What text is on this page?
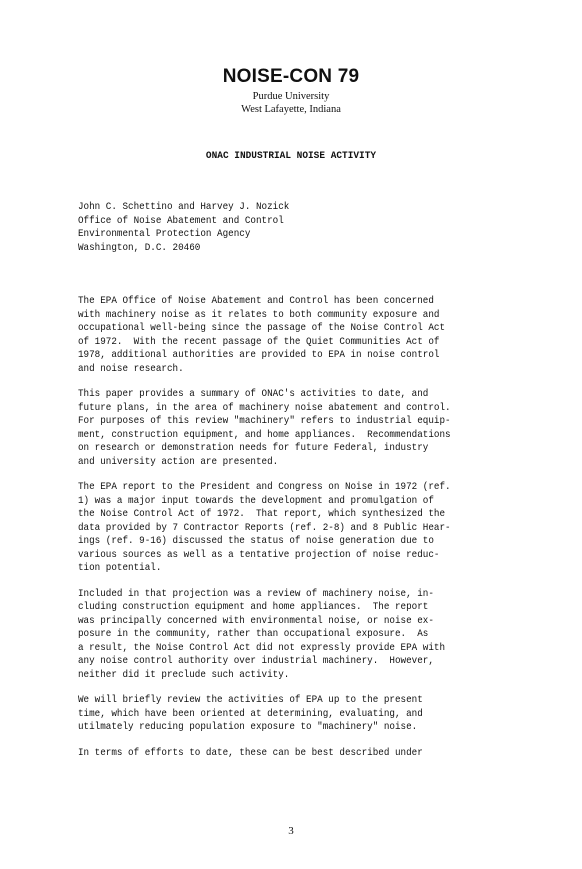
NOISE-CON 79

Purdue University

West Lafayette, Indiana

ONAC INDUSTRIAL NOISE ACTIVITY
John C. Schettino and Harvey J. Nozick
Office of Noise Abatement and Control
Environmental Protection Agency
Washington, D.C. 20460
The EPA Office of Noise Abatement and Control has been concerned
with machinery noise as it relates to both community exposure and
occupational well-being since the passage of the Noise Control Act
of 1972.  With the recent passage of the Quiet Communities Act of
1978, additional authorities are provided to EPA in noise control
and noise research.
This paper provides a summary of ONAC's activities to date, and
future plans, in the area of machinery noise abatement and control.
For purposes of this review "machinery" refers to industrial equip-
ment, construction equipment, and home appliances.  Recommendations
on research or demonstration needs for future Federal, industry
and university action are presented.
The EPA report to the President and Congress on Noise in 1972 (ref.
1) was a major input towards the development and promulgation of
the Noise Control Act of 1972.  That report, which synthesized the
data provided by 7 Contractor Reports (ref. 2-8) and 8 Public Hear-
ings (ref. 9-16) discussed the status of noise generation due to
various sources as well as a tentative projection of noise reduc-
tion potential.
Included in that projection was a review of machinery noise, in-
cluding construction equipment and home appliances.  The report
was principally concerned with environmental noise, or noise ex-
posure in the community, rather than occupational exposure.  As
a result, the Noise Control Act did not expressly provide EPA with
any noise control authority over industrial machinery.  However,
neither did it preclude such activity.
We will briefly review the activities of EPA up to the present
time, which have been oriented at determining, evaluating, and
utilmately reducing population exposure to "machinery" noise.
In terms of efforts to date, these can be best described under

3
